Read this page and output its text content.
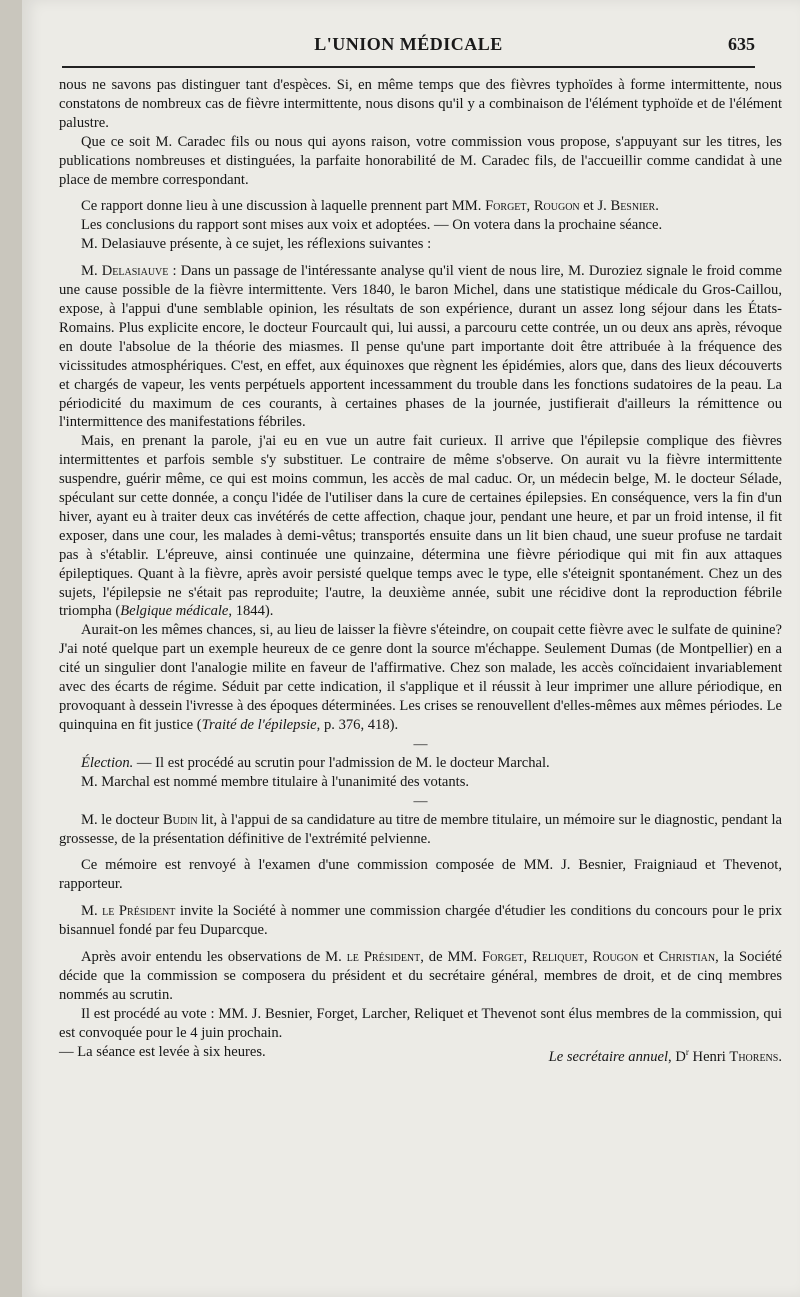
L'UNION MÉDICALE	635

nous ne savons pas distinguer tant d'espèces. Si, en même temps que des fièvres typhoïdes à forme intermittente, nous constatons de nombreux cas de fièvre intermittente, nous disons qu'il y a combinaison de l'élément typhoïde et de l'élément palustre.

Que ce soit M. Caradec fils ou nous qui ayons raison, votre commission vous propose, s'appuyant sur les titres, les publications nombreuses et distinguées, la parfaite honorabilité de M. Caradec fils, de l'accueillir comme candidat à une place de membre correspondant.

Ce rapport donne lieu à une discussion à laquelle prennent part MM. Forget, Rougon et J. Besnier.

Les conclusions du rapport sont mises aux voix et adoptées. — On votera dans la prochaine séance.

M. Delasiauve présente, à ce sujet, les réflexions suivantes :

M. Delasiauve : Dans un passage de l'intéressante analyse qu'il vient de nous lire, M. Duroziez signale le froid comme une cause possible de la fièvre intermittente. Vers 1840, le baron Michel, dans une statistique médicale du Gros-Caillou, expose, à l'appui d'une semblable opinion, les résultats de son expérience, durant un assez long séjour dans les États-Romains. Plus explicite encore, le docteur Fourcault qui, lui aussi, a parcouru cette contrée, un ou deux ans après, révoque en doute l'absolue de la théorie des miasmes. Il pense qu'une part importante doit être attribuée à la fréquence des vicissitudes atmosphériques. C'est, en effet, aux équinoxes que règnent les épidémies, alors que, dans des lieux découverts et chargés de vapeur, les vents perpétuels apportent incessamment du trouble dans les fonctions sudatoires de la peau. La périodicité du maximum de ces courants, à certaines phases de la journée, justifierait d'ailleurs la rémittence ou l'intermittence des manifestations fébriles.

Mais, en prenant la parole, j'ai eu en vue un autre fait curieux. Il arrive que l'épilepsie complique des fièvres intermittentes et parfois semble s'y substituer. Le contraire de même s'observe. On aurait vu la fièvre intermittente suspendre, guérir même, ce qui est moins commun, les accès de mal caduc. Or, un médecin belge, M. le docteur Sélade, spéculant sur cette donnée, a conçu l'idée de l'utiliser dans la cure de certaines épilepsies. En conséquence, vers la fin d'un hiver, ayant eu à traiter deux cas invétérés de cette affection, chaque jour, pendant une heure, et par un froid intense, il fit exposer, dans une cour, les malades à demi-vêtus; transportés ensuite dans un lit bien chaud, une sueur profuse ne tardait pas à s'établir. L'épreuve, ainsi continuée une quinzaine, détermina une fièvre périodique qui mit fin aux attaques épileptiques. Quant à la fièvre, après avoir persisté quelque temps avec le type, elle s'éteignit spontanément. Chez un des sujets, l'épilepsie ne s'était pas reproduite; l'autre, la deuxième année, subit une récidive dont la reproduction fébrile triompha (Belgique médicale, 1844).

Aurait-on les mêmes chances, si, au lieu de laisser la fièvre s'éteindre, on coupait cette fièvre avec le sulfate de quinine? J'ai noté quelque part un exemple heureux de ce genre dont la source m'échappe. Seulement Dumas (de Montpellier) en a cité un singulier dont l'analogie milite en faveur de l'affirmative. Chez son malade, les accès coïncidaient invariablement avec des écarts de régime. Séduit par cette indication, il s'applique et il réussit à leur imprimer une allure périodique, en provoquant à dessein l'ivresse à des époques déterminées. Les crises se renouvellent d'elles-mêmes aux mêmes périodes. Le quinquina en fit justice (Traité de l'épilepsie, p. 376, 418).

—

Élection. — Il est procédé au scrutin pour l'admission de M. le docteur Marchal.

M. Marchal est nommé membre titulaire à l'unanimité des votants.

—

M. le docteur Budin lit, à l'appui de sa candidature au titre de membre titulaire, un mémoire sur le diagnostic, pendant la grossesse, de la présentation définitive de l'extrémité pelvienne.

Ce mémoire est renvoyé à l'examen d'une commission composée de MM. J. Besnier, Fraigniaud et Thevenot, rapporteur.

M. le Président invite la Société à nommer une commission chargée d'étudier les conditions du concours pour le prix bisannuel fondé par feu Duparcque.

Après avoir entendu les observations de M. le Président, de MM. Forget, Reliquet, Rougon et Christian, la Société décide que la commission se composera du président et du secrétaire général, membres de droit, et de cinq membres nommés au scrutin.

Il est procédé au vote : MM. J. Besnier, Forget, Larcher, Reliquet et Thevenot sont élus membres de la commission, qui est convoquée pour le 4 juin prochain.

— La séance est levée à six heures.	Le secrétaire annuel, $D^r$ Henri Thorens.
